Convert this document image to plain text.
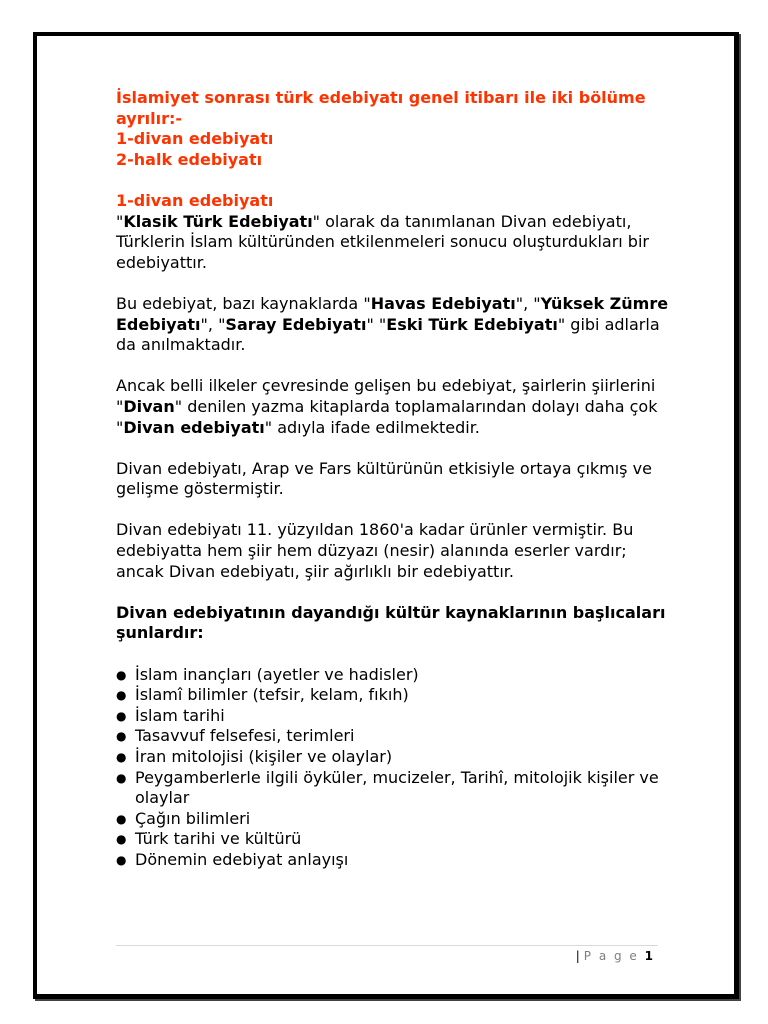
İslamiyet sonrası türk edebiyatı genel itibarı ile iki bölüme ayrılır:-
1-divan edebiyatı
2-halk edebiyatı
1-divan edebiyatı

"Klasik Türk Edebiyatı" olarak da tanımlanan Divan edebiyatı, Türklerin İslam kültüründen etkilenmeleri sonucu oluşturdukları bir edebiyattır.

Bu edebiyat, bazı kaynaklarda "Havas Edebiyatı", "Yüksek Zümre Edebiyatı", "Saray Edebiyatı" "Eski Türk Edebiyatı" gibi adlarla da anılmaktadır.

Ancak belli ilkeler çevresinde gelişen bu edebiyat, şairlerin şiirlerini "Divan" denilen yazma kitaplarda toplamalarından dolayı daha çok "Divan edebiyatı" adıyla ifade edilmektedir.

Divan edebiyatı, Arap ve Fars kültürünün etkisiyle ortaya çıkmış ve gelişme göstermiştir.

Divan edebiyatı 11. yüzyıldan 1860'a kadar ürünler vermiştir. Bu edebiyatta hem şiir hem düzyazı (nesir) alanında eserler vardır; ancak Divan edebiyatı, şiir ağırlıklı bir edebiyattır.

Divan edebiyatının dayandığı kültür kaynaklarının başlıcaları şunlardır:

● İslam inançları (ayetler ve hadisler)
● İslamî bilimler (tefsir, kelam, fıkıh)
● İslam tarihi
● Tasavvuf felsefesi, terimleri
● İran mitolojisi (kişiler ve olaylar)
● Peygamberlerle ilgili öyküler, mucizeler, Tarihî, mitolojik kişiler ve olaylar
● Çağın bilimleri
● Türk tarihi ve kültürü
● Dönemin edebiyat anlayışı
| P a g e 1
